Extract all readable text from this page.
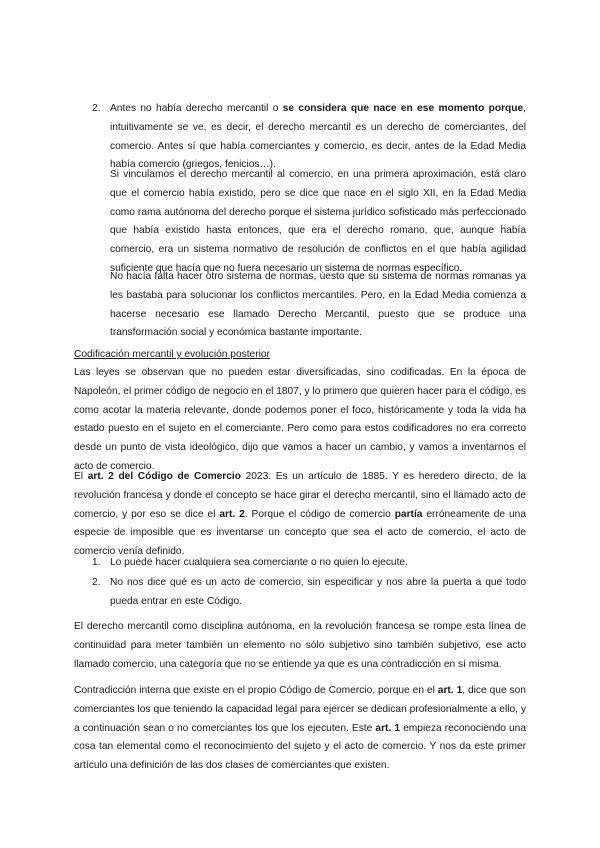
2. Antes no había derecho mercantil o se considera que nace en ese momento porque, intuitivamente se ve, es decir, el derecho mercantil es un derecho de comerciantes, del comercio. Antes sí que había comerciantes y comercio, es decir, antes de la Edad Media había comercio (griegos, fenicios…).

Si vinculamos el derecho mercantil al comercio, en una primera aproximación, está claro que el comercio había existido, pero se dice que nace en el siglo XII, en la Edad Media como rama autónoma del derecho porque el sistema jurídico sofisticado más perfeccionado que había existido hasta entonces, que era el derecho romano, que, aunque había comercio, era un sistema normativo de resolución de conflictos en el que había agilidad suficiente que hacía que no fuera necesario un sistema de normas específico.

No hacía falta hacer otro sistema de normas, ùesto que su sistema de normas romanas ya les bastaba para solucionar los conflictos mercantiles. Pero, en la Edad Media comienza a hacerse necesario ese llamado Derecho Mercantil, puesto que se produce una transformación social y económica bastante importante.

Codificación mercantil y evolución posterior

Las leyes se observan que no pueden estar diversificadas, sino codificadas. En la época de Napoleón, el primer código de negocio en el 1807, y lo primero que quieren hacer para el código, es como acotar la materia relevante, donde podemos poner el foco, históricamente y toda la vida ha estado puesto en el sujeto en el comerciante. Pero como para estos codificadores no era correcto desde un punto de vista ideológico, dijo que vamos a hacer un cambio, y vamos a inventarnos el acto de comercio.

El art. 2 del Código de Comercio 2023. Es un artículo de 1885. Y es heredero directo, de la revolución francesa y donde el concepto se hace girar el derecho mercantil, sino el llamado acto de comercio, y por eso se dice el art. 2. Porque el código de comercio partía erróneamente de una especie de imposible que es inventarse un concepto que sea el acto de comercio, el acto de comercio venía definido.

1. Lo puede hacer cualquiera sea comerciante o no quien lo ejecute.

2. No nos dice qué es un acto de comercio, sin especificar y nos abre la puerta a que todo pueda entrar en este Código.

El derecho mercantil como disciplina autónoma, en la revolución francesa se rompe esta línea de continuidad para meter también un elemento no sólo subjetivo sino también subjetivo, ese acto llamado comercio, una categoría que no se entiende ya que es una contradicción en sí misma.

Contradicción interna que existe en el propio Código de Comercio, porque en el art. 1, dice que son comerciantes los que teniendo la capacidad legal para ejercer se dedican profesionalmente a ello, y a continuación sean o no comerciantes los que los ejecuten. Este art. 1 empieza reconociendo una cosa tan elemental como el reconocimiento del sujeto y el acto de comercio. Y nos da este primer artículo una definición de las dos clases de comerciantes que existen.
